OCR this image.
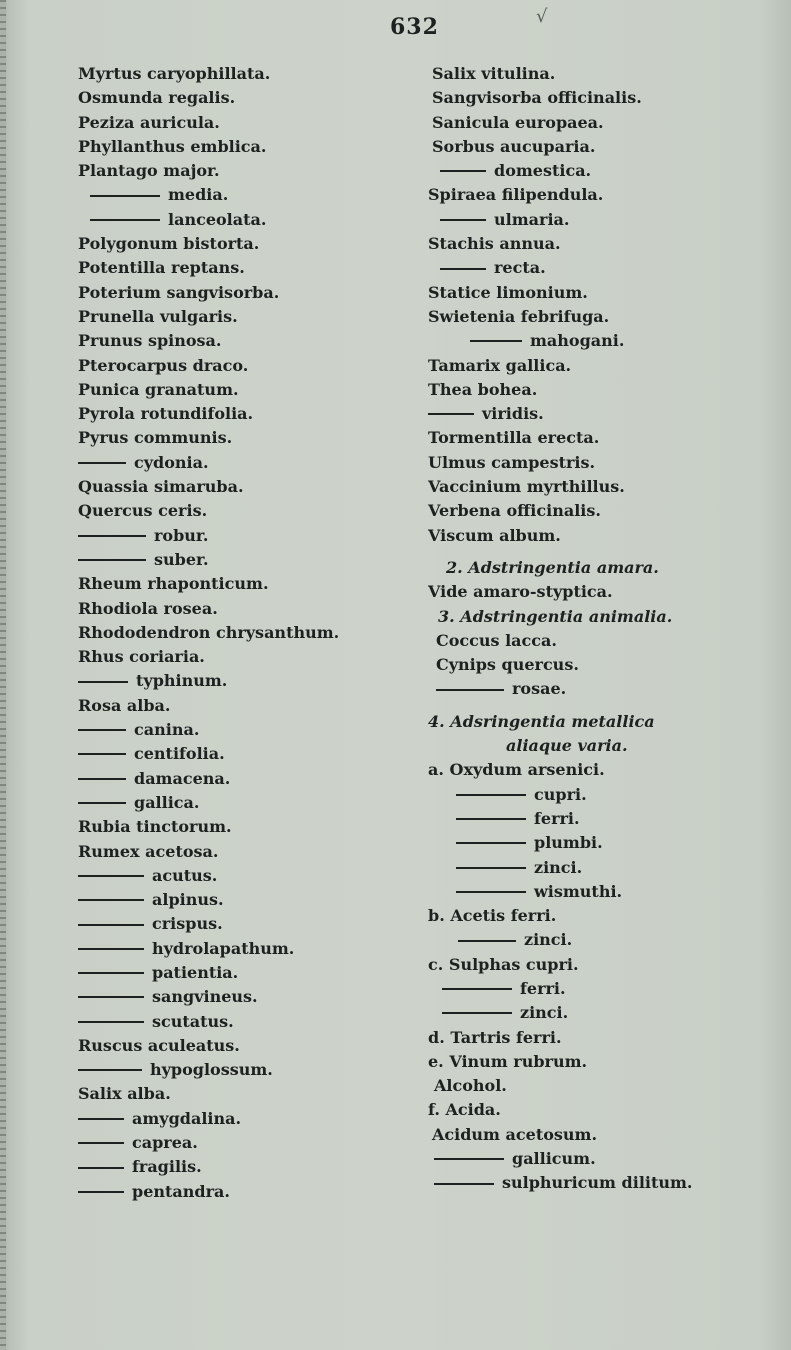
632	√
Myrtus caryophillata.
Osmunda regalis.
Peziza auricula.
Phyllanthus emblica.
Plantago major.
media.
lanceolata.
Polygonum bistorta.
Potentilla reptans.
Poterium sangvisorba.
Prunella vulgaris.
Prunus spinosa.
Pterocarpus draco.
Punica granatum.
Pyrola rotundifolia.
Pyrus communis.
cydonia.
Quassia simaruba.
Quercus ceris.
robur.
suber.
Rheum rhaponticum.
Rhodiola rosea.
Rhododendron chrysanthum.
Rhus coriaria.
typhinum.
Rosa alba.
canina.
centifolia.
damacena.
gallica.
Rubia tinctorum.
Rumex acetosa.
acutus.
alpinus.
crispus.
hydrolapathum.
patientia.
sangvineus.
scutatus.
Ruscus aculeatus.
hypoglossum.
Salix alba.
amygdalina.
caprea.
fragilis.
pentandra.
Salix vitulina.
Sangvisorba officinalis.
Sanicula europaea.
Sorbus aucuparia.
domestica.
Spiraea filipendula.
ulmaria.
Stachis annua.
recta.
Statice limonium.
Swietenia febrifuga.
mahogani.
Tamarix gallica.
Thea bohea.
viridis.
Tormentilla erecta.
Ulmus campestris.
Vaccinium myrthillus.
Verbena officinalis.
Viscum album.
2. Adstringentia amara.
Vide amaro-styptica.
3. Adstringentia animalia.
Coccus lacca.
Cynips quercus.
rosae.
4. Adsringentia metallica
aliaque varia.
a. Oxydum arsenici.
cupri.
ferri.
plumbi.
zinci.
wismuthi.
b. Acetis ferri.
zinci.
c. Sulphas cupri.
ferri.
zinci.
d. Tartris ferri.
e. Vinum rubrum.
Alcohol.
f. Acida.
Acidum acetosum.
gallicum.
sulphuricum dilitum.
